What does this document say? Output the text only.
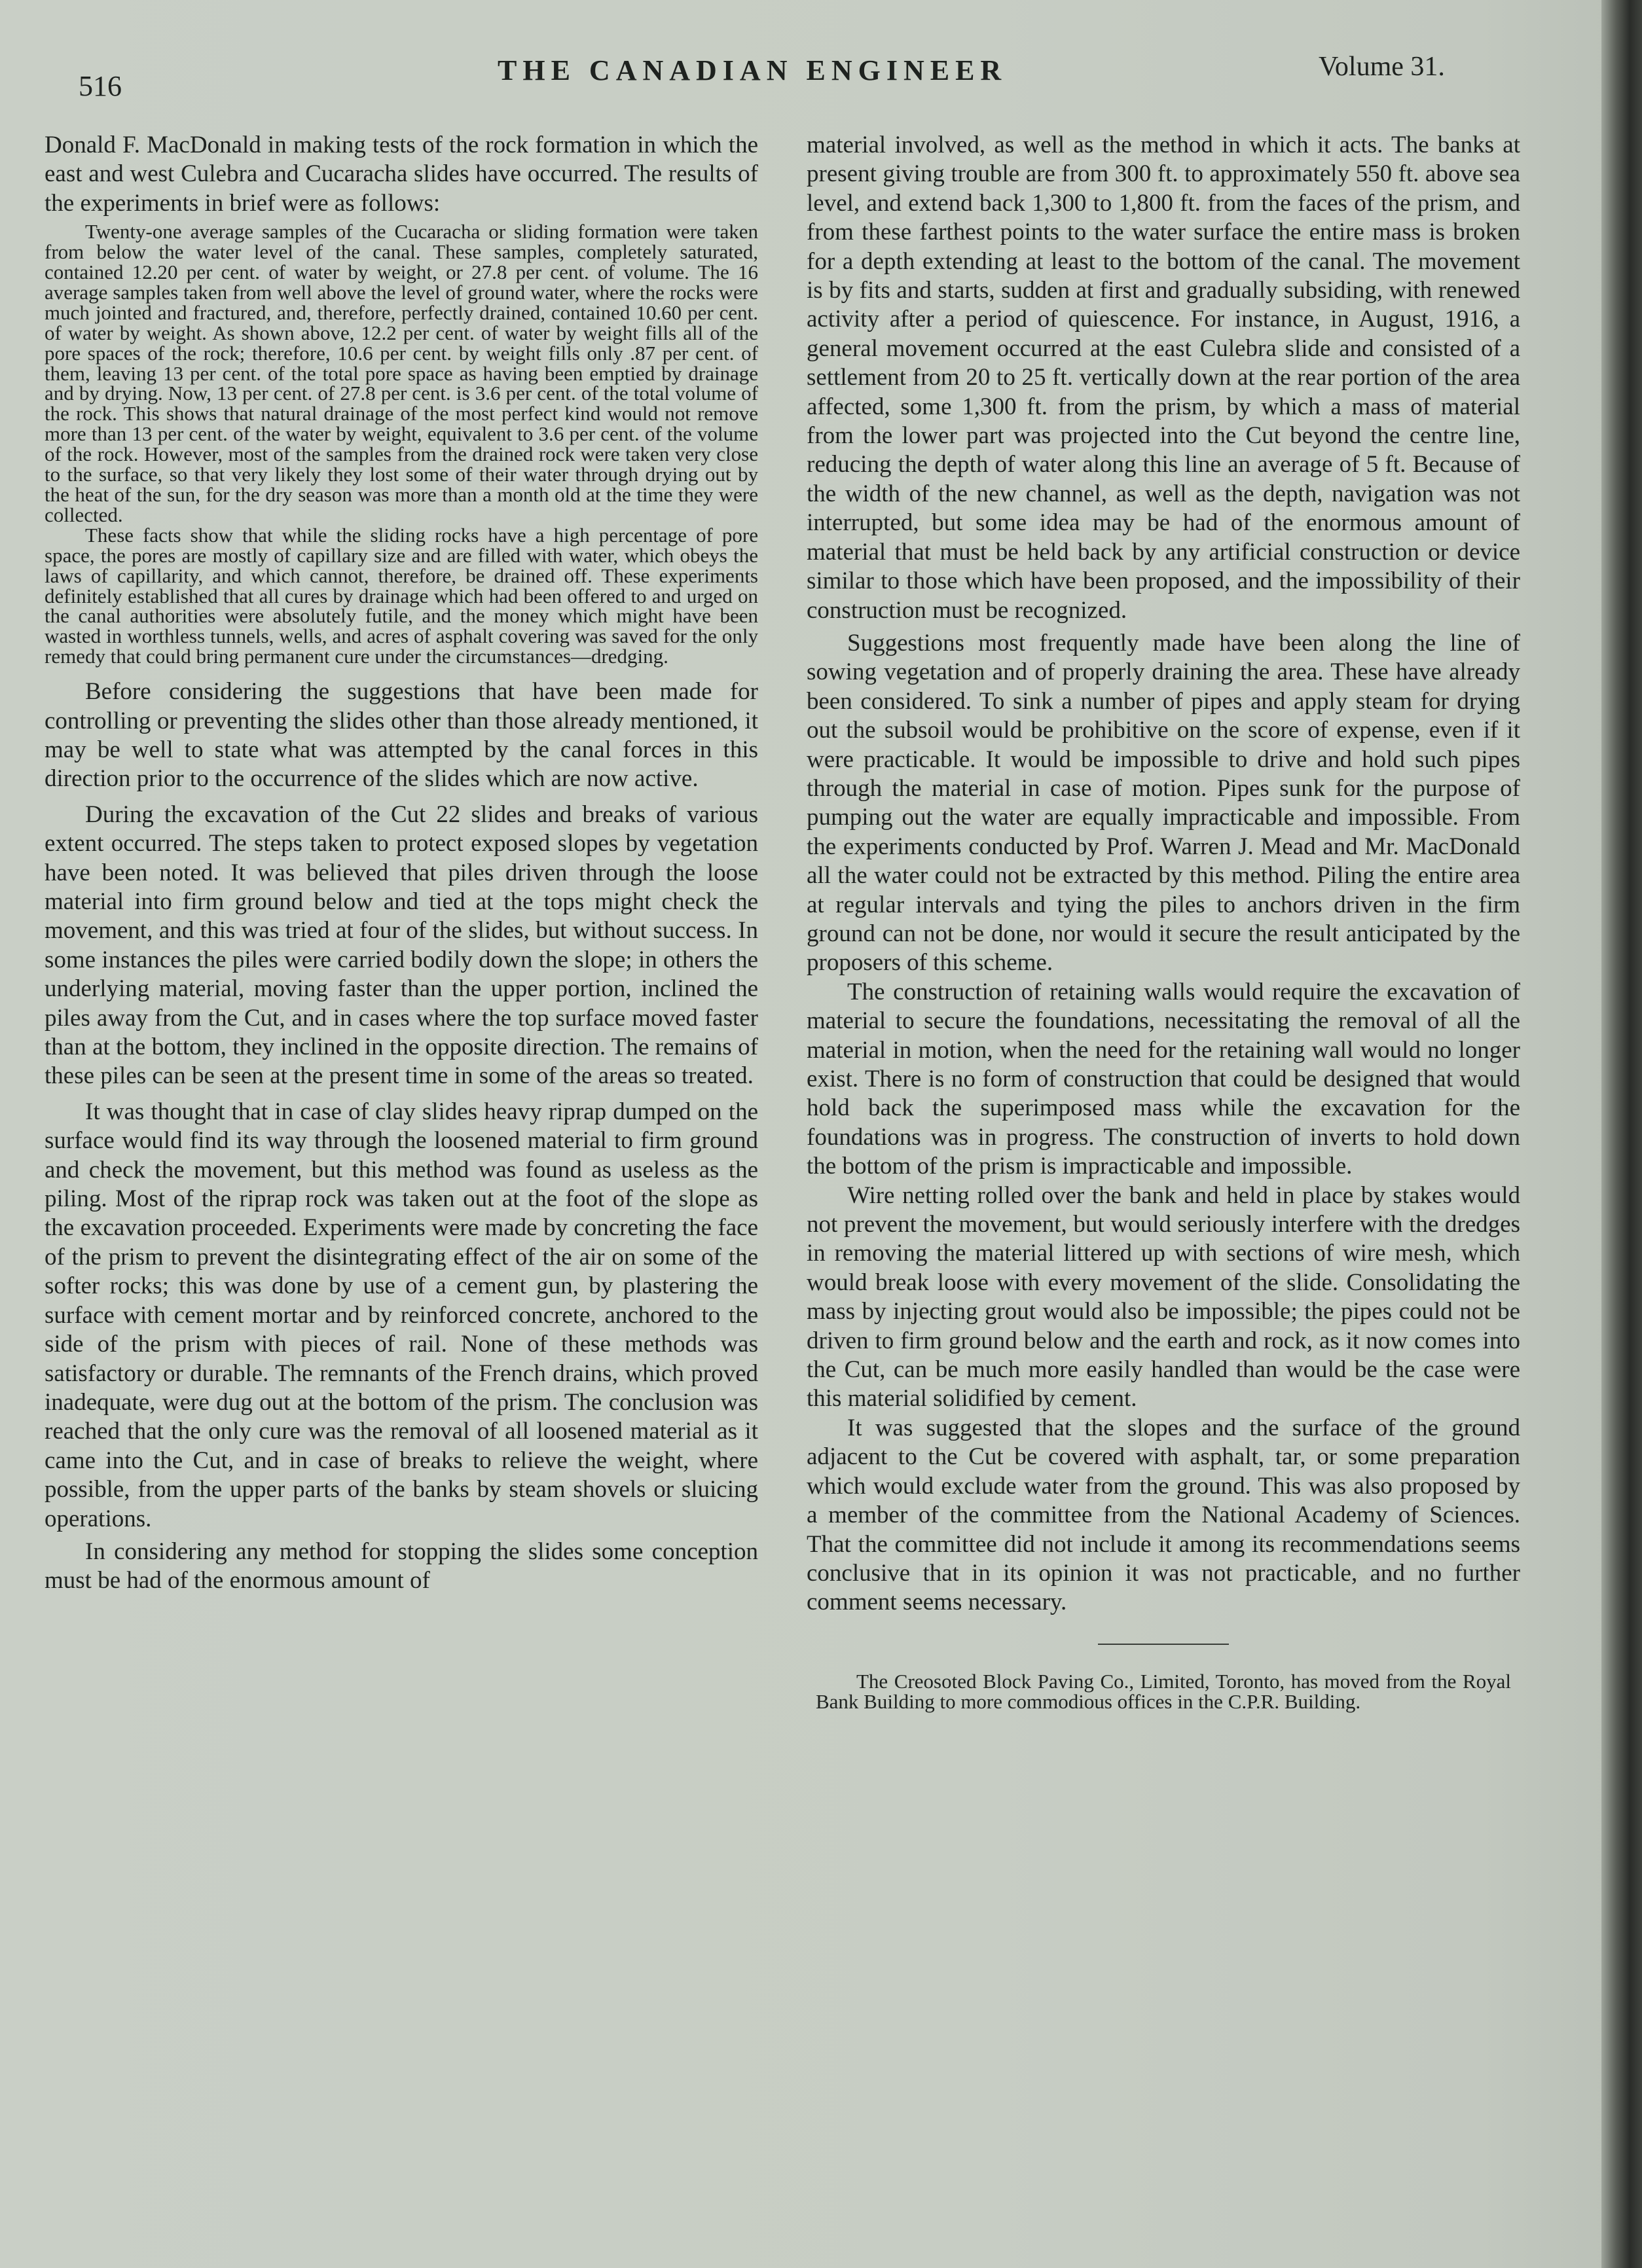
516	THE CANADIAN ENGINEER	Volume 31.

Donald F. MacDonald in making tests of the rock formation in which the east and west Culebra and Cucaracha slides have occurred. The results of the experiments in brief were as follows:

Twenty-one average samples of the Cucaracha or sliding formation were taken from below the water level of the canal. These samples, completely saturated, contained 12.20 per cent. of water by weight, or 27.8 per cent. of volume. The 16 average samples taken from well above the level of ground water, where the rocks were much jointed and fractured, and, therefore, perfectly drained, contained 10.60 per cent. of water by weight. As shown above, 12.2 per cent. of water by weight fills all of the pore spaces of the rock; therefore, 10.6 per cent. by weight fills only .87 per cent. of them, leaving 13 per cent. of the total pore space as having been emptied by drainage and by drying. Now, 13 per cent. of 27.8 per cent. is 3.6 per cent. of the total volume of the rock. This shows that natural drainage of the most perfect kind would not remove more than 13 per cent. of the water by weight, equivalent to 3.6 per cent. of the volume of the rock. However, most of the samples from the drained rock were taken very close to the surface, so that very likely they lost some of their water through drying out by the heat of the sun, for the dry season was more than a month old at the time they were collected.

These facts show that while the sliding rocks have a high percentage of pore space, the pores are mostly of capillary size and are filled with water, which obeys the laws of capillarity, and which cannot, therefore, be drained off. These experiments definitely established that all cures by drainage which had been offered to and urged on the canal authorities were absolutely futile, and the money which might have been wasted in worthless tunnels, wells, and acres of asphalt covering was saved for the only remedy that could bring permanent cure under the circumstances—dredging.

Before considering the suggestions that have been made for controlling or preventing the slides other than those already mentioned, it may be well to state what was attempted by the canal forces in this direction prior to the occurrence of the slides which are now active.

During the excavation of the Cut 22 slides and breaks of various extent occurred. The steps taken to protect exposed slopes by vegetation have been noted. It was believed that piles driven through the loose material into firm ground below and tied at the tops might check the movement, and this was tried at four of the slides, but without success. In some instances the piles were carried bodily down the slope; in others the underlying material, moving faster than the upper portion, inclined the piles away from the Cut, and in cases where the top surface moved faster than at the bottom, they inclined in the opposite direction. The remains of these piles can be seen at the present time in some of the areas so treated.

It was thought that in case of clay slides heavy riprap dumped on the surface would find its way through the loosened material to firm ground and check the movement, but this method was found as useless as the piling. Most of the riprap rock was taken out at the foot of the slope as the excavation proceeded. Experiments were made by concreting the face of the prism to prevent the disintegrating effect of the air on some of the softer rocks; this was done by use of a cement gun, by plastering the surface with cement mortar and by reinforced concrete, anchored to the side of the prism with pieces of rail. None of these methods was satisfactory or durable. The remnants of the French drains, which proved inadequate, were dug out at the bottom of the prism. The conclusion was reached that the only cure was the removal of all loosened material as it came into the Cut, and in case of breaks to relieve the weight, where possible, from the upper parts of the banks by steam shovels or sluicing operations.

In considering any method for stopping the slides some conception must be had of the enormous amount of

material involved, as well as the method in which it acts. The banks at present giving trouble are from 300 ft. to approximately 550 ft. above sea level, and extend back 1,300 to 1,800 ft. from the faces of the prism, and from these farthest points to the water surface the entire mass is broken for a depth extending at least to the bottom of the canal. The movement is by fits and starts, sudden at first and gradually subsiding, with renewed activity after a period of quiescence. For instance, in August, 1916, a general movement occurred at the east Culebra slide and consisted of a settlement from 20 to 25 ft. vertically down at the rear portion of the area affected, some 1,300 ft. from the prism, by which a mass of material from the lower part was projected into the Cut beyond the centre line, reducing the depth of water along this line an average of 5 ft. Because of the width of the new channel, as well as the depth, navigation was not interrupted, but some idea may be had of the enormous amount of material that must be held back by any artificial construction or device similar to those which have been proposed, and the impossibility of their construction must be recognized.

Suggestions most frequently made have been along the line of sowing vegetation and of properly draining the area. These have already been considered. To sink a number of pipes and apply steam for drying out the subsoil would be prohibitive on the score of expense, even if it were practicable. It would be impossible to drive and hold such pipes through the material in case of motion. Pipes sunk for the purpose of pumping out the water are equally impracticable and impossible. From the experiments conducted by Prof. Warren J. Mead and Mr. MacDonald all the water could not be extracted by this method. Piling the entire area at regular intervals and tying the piles to anchors driven in the firm ground can not be done, nor would it secure the result anticipated by the proposers of this scheme.

The construction of retaining walls would require the excavation of material to secure the foundations, necessitating the removal of all the material in motion, when the need for the retaining wall would no longer exist. There is no form of construction that could be designed that would hold back the superimposed mass while the excavation for the foundations was in progress. The construction of inverts to hold down the bottom of the prism is impracticable and impossible.

Wire netting rolled over the bank and held in place by stakes would not prevent the movement, but would seriously interfere with the dredges in removing the material littered up with sections of wire mesh, which would break loose with every movement of the slide. Consolidating the mass by injecting grout would also be impossible; the pipes could not be driven to firm ground below and the earth and rock, as it now comes into the Cut, can be much more easily handled than would be the case were this material solidified by cement.

It was suggested that the slopes and the surface of the ground adjacent to the Cut be covered with asphalt, tar, or some preparation which would exclude water from the ground. This was also proposed by a member of the committee from the National Academy of Sciences. That the committee did not include it among its recommendations seems conclusive that in its opinion it was not practicable, and no further comment seems necessary.

The Creosoted Block Paving Co., Limited, Toronto, has moved from the Royal Bank Building to more commodious offices in the C.P.R. Building.
